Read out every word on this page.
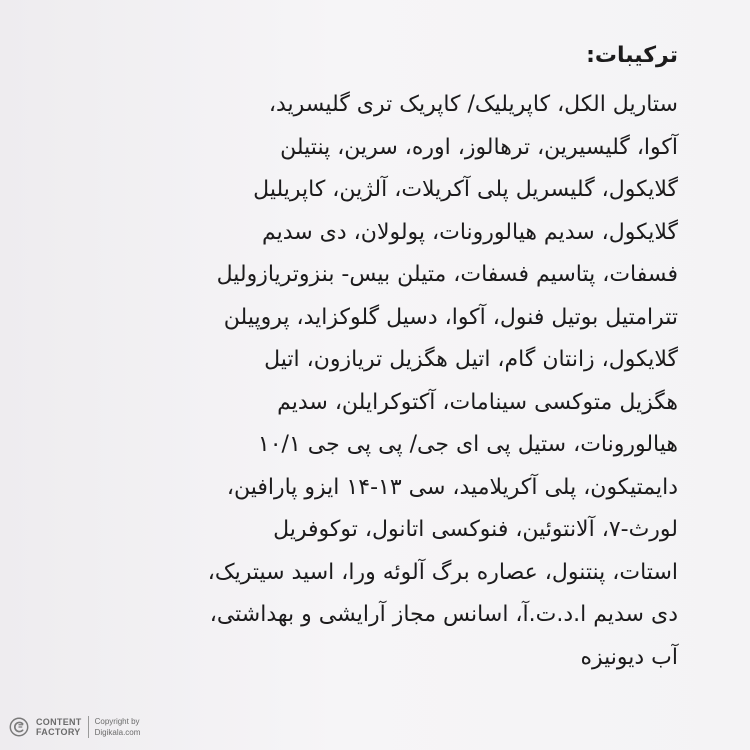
ترکیبات:

ستاریل الکل، کاپریلیک/ کاپریک تری گلیسرید،

آکوا، گلیسیرین، ترهالوز، اوره، سرین، پنتیلن

گلایکول، گلیسریل پلی آکریلات، آلژین، کاپریلیل

گلایکول، سدیم هیالورونات، پولولان، دی سدیم

فسفات، پتاسیم فسفات، متیلن بیس- بنزوتریازولیل

تترامتیل بوتیل فنول، آکوا، دسیل گلوکزاید، پروپیلن

گلایکول، زانتان گام، اتیل هگزیل تریازون، اتیل

هگزیل متوکسی سینامات، آکتوکرایلن، سدیم

هیالورونات، ستیل پی ای جی/ پی پی جی ۱۰/۱

دایمتیکون، پلی آکریلامید، سی ۱۳-۱۴ ایزو پارافین،

لورث-۷، آلانتوئین، فنوکسی اتانول، توکوفریل

استات، پنتنول، عصاره برگ آلوئه ورا، اسید سیتریک،

دی سدیم ا.د.ت.آ، اسانس مجاز آرایشی و بهداشتی،

آب دیونیزه

CONTENT
FACTORY
Copyright by
Digikala.com
